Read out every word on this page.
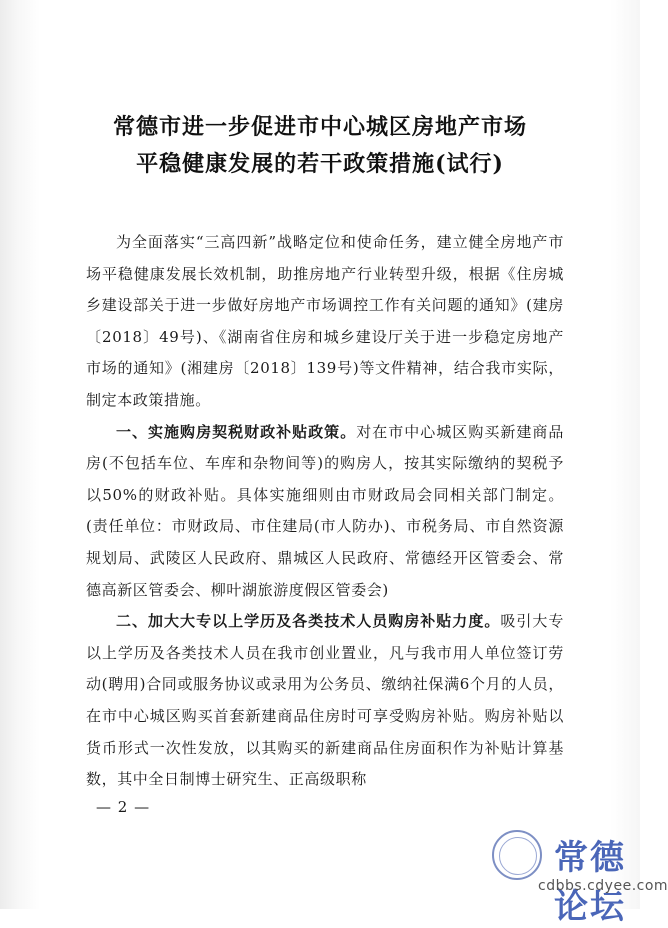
常德市进一步促进市中心城区房地产市场
平稳健康发展的若干政策措施(试行)

为全面落实“三高四新”战略定位和使命任务，建立健全房地产市场平稳健康发展长效机制，助推房地产行业转型升级，根据《住房城乡建设部关于进一步做好房地产市场调控工作有关问题的通知》(建房〔2018〕49号)、《湖南省住房和城乡建设厅关于进一步稳定房地产市场的通知》(湘建房〔2018〕139号)等文件精神，结合我市实际，制定本政策措施。

一、实施购房契税财政补贴政策。对在市中心城区购买新建商品房(不包括车位、车库和杂物间等)的购房人，按其实际缴纳的契税予以50%的财政补贴。具体实施细则由市财政局会同相关部门制定。(责任单位：市财政局、市住建局(市人防办)、市税务局、市自然资源规划局、武陵区人民政府、鼎城区人民政府、常德经开区管委会、常德高新区管委会、柳叶湖旅游度假区管委会)

二、加大大专以上学历及各类技术人员购房补贴力度。吸引大专以上学历及各类技术人员在我市创业置业，凡与我市用人单位签订劳动(聘用)合同或服务协议或录用为公务员、缴纳社保满6个月的人员，在市中心城区购买首套新建商品住房时可享受购房补贴。购房补贴以货币形式一次性发放，以其购买的新建商品住房面积作为补贴计算基数，其中全日制博士研究生、正高级职称

— 2 —
常德论坛
cdbbs.cdyee.com
